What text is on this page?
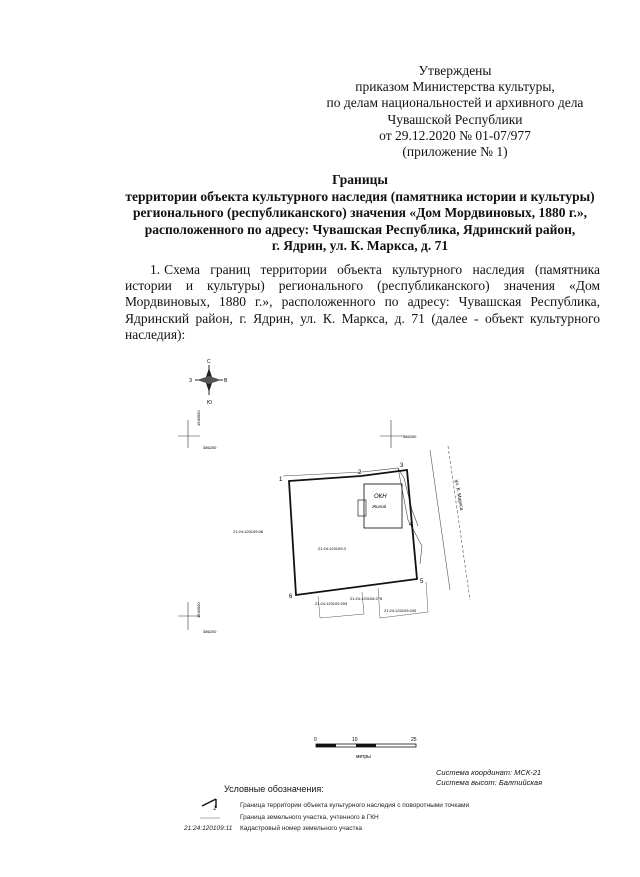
Утверждены
приказом Министерства культуры,
по делам национальностей и архивного дела
Чувашской Республики
от 29.12.2020 № 01-07/977
(приложение № 1)
Границы
территории объекта культурного наследия (памятника истории и культуры)
регионального (республиканского) значения «Дом Мордвиновых, 1880 г.»,
расположенного по адресу: Чувашская Республика, Ядринский район,
г. Ядрин, ул. К. Маркса, д. 71
1. Схема границ территории объекта культурного наследия (памятника
истории и культуры) регионального (республиканского) значения «Дом
Мордвиновых, 1880 г.», расположенного по адресу: Чувашская Республика,
Ядринский район, г. Ядрин, ул. К. Маркса, д. 71 (далее - объект культурного
наследия):
С
Ю
З	В
1540050
386250
386250
1540000
386200
ул. К. Маркса
ОКН
Жилой
1
2
3
4
5
6
21:24:120109:06
21:24:120109:3
21:24:120109:209
21:24:120108:278
21:24:120109:240
0	10	25
метры
Система координат: МСК-21
Система высот: Балтийская
Условные обозначения:
1
21:24:120109:11
Граница территории объекта культурного наследия с поворотными точками
Граница земельного участка, учтенного в ГКН
Кадастровый номер земельного участка
